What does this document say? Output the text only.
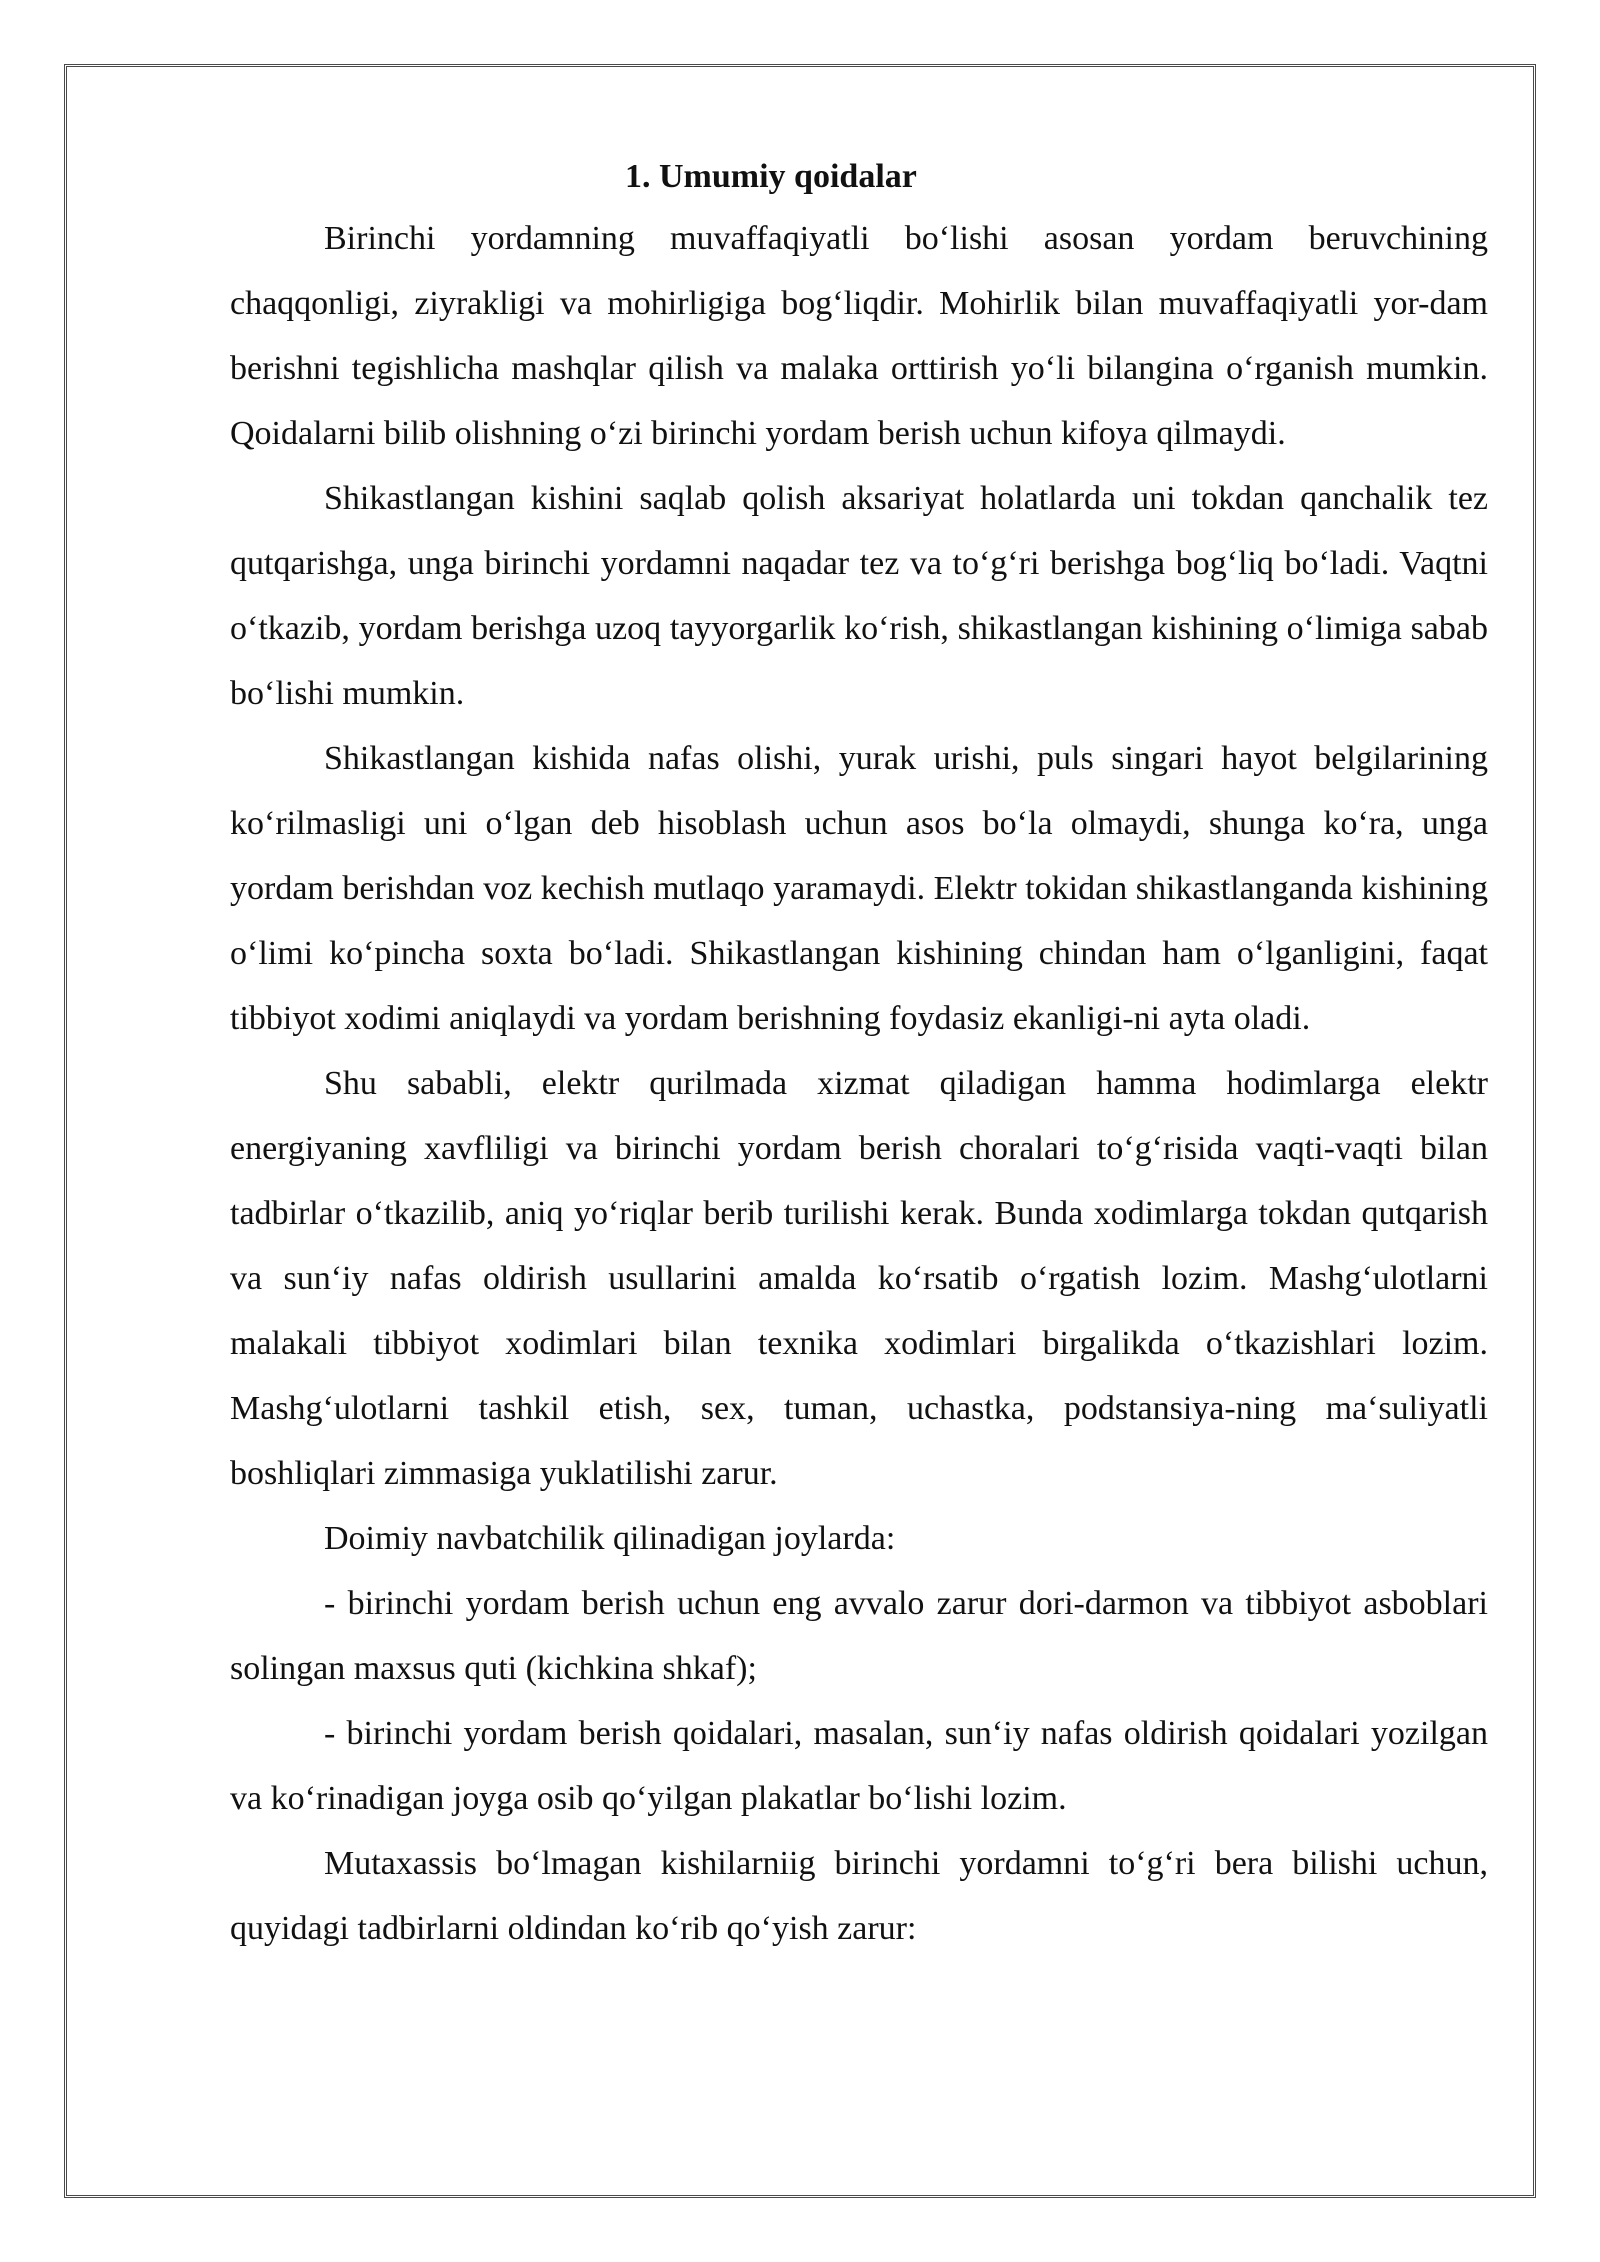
1. Umumiy qoidalar

Birinchi yordamning muvaffaqiyatli bo‘lishi asosan yordam beruvchining chaqqonligi, ziyrakligi va mohirligiga bog‘liqdir. Mohirlik bilan muvaffaqiyatli yor-dam berishni tegishlicha mashqlar qilish va malaka orttirish yo‘li bilangina o‘rganish mumkin. Qoidalarni bilib olishning o‘zi birinchi yordam berish uchun kifoya qilmaydi.

Shikastlangan kishini saqlab qolish aksariyat holatlarda uni tokdan qanchalik tez qutqarishga, unga birinchi yordamni naqadar tez va to‘g‘ri berishga bog‘liq bo‘ladi. Vaqtni o‘tkazib, yordam berishga uzoq tayyorgarlik ko‘rish, shikastlangan kishining o‘limiga sabab bo‘lishi mumkin.

Shikastlangan kishida nafas olishi, yurak urishi, puls singari hayot belgilarining ko‘rilmasligi uni o‘lgan deb hisoblash uchun asos bo‘la olmaydi, shunga ko‘ra, unga yordam berishdan voz kechish mutlaqo yaramaydi. Elektr tokidan shikastlanganda kishining o‘limi ko‘pincha soxta bo‘ladi. Shikastlangan kishining chindan ham o‘lganligini, faqat tibbiyot xodimi aniqlaydi va yordam berishning foydasiz ekanligi-ni ayta oladi.

Shu sababli, elektr qurilmada xizmat qiladigan hamma hodimlarga elektr energiyaning xavfliligi va birinchi yordam berish choralari to‘g‘risida vaqti-vaqti bilan tadbirlar o‘tkazilib, aniq yo‘riqlar berib turilishi kerak. Bunda xodimlarga tokdan qutqarish va sun‘iy nafas oldirish usullarini amalda ko‘rsatib o‘rgatish lozim. Mashg‘ulotlarni malakali tibbiyot xodimlari bilan texnika xodimlari birgalikda o‘tkazishlari lozim. Mashg‘ulotlarni tashkil etish, sex, tuman, uchastka, podstansiya-ning ma‘suliyatli boshliqlari zimmasiga yuklatilishi zarur.

Doimiy navbatchilik qilinadigan joylarda:

- birinchi yordam berish uchun eng avvalo zarur dori-darmon va tibbiyot asboblari solingan maxsus quti (kichkina shkaf);

- birinchi yordam berish qoidalari, masalan, sun‘iy nafas oldirish qoidalari yozilgan va ko‘rinadigan joyga osib qo‘yilgan plakatlar bo‘lishi lozim.

Mutaxassis bo‘lmagan kishilarniig birinchi yordamni to‘g‘ri bera bilishi uchun, quyidagi tadbirlarni oldindan ko‘rib qo‘yish zarur:
